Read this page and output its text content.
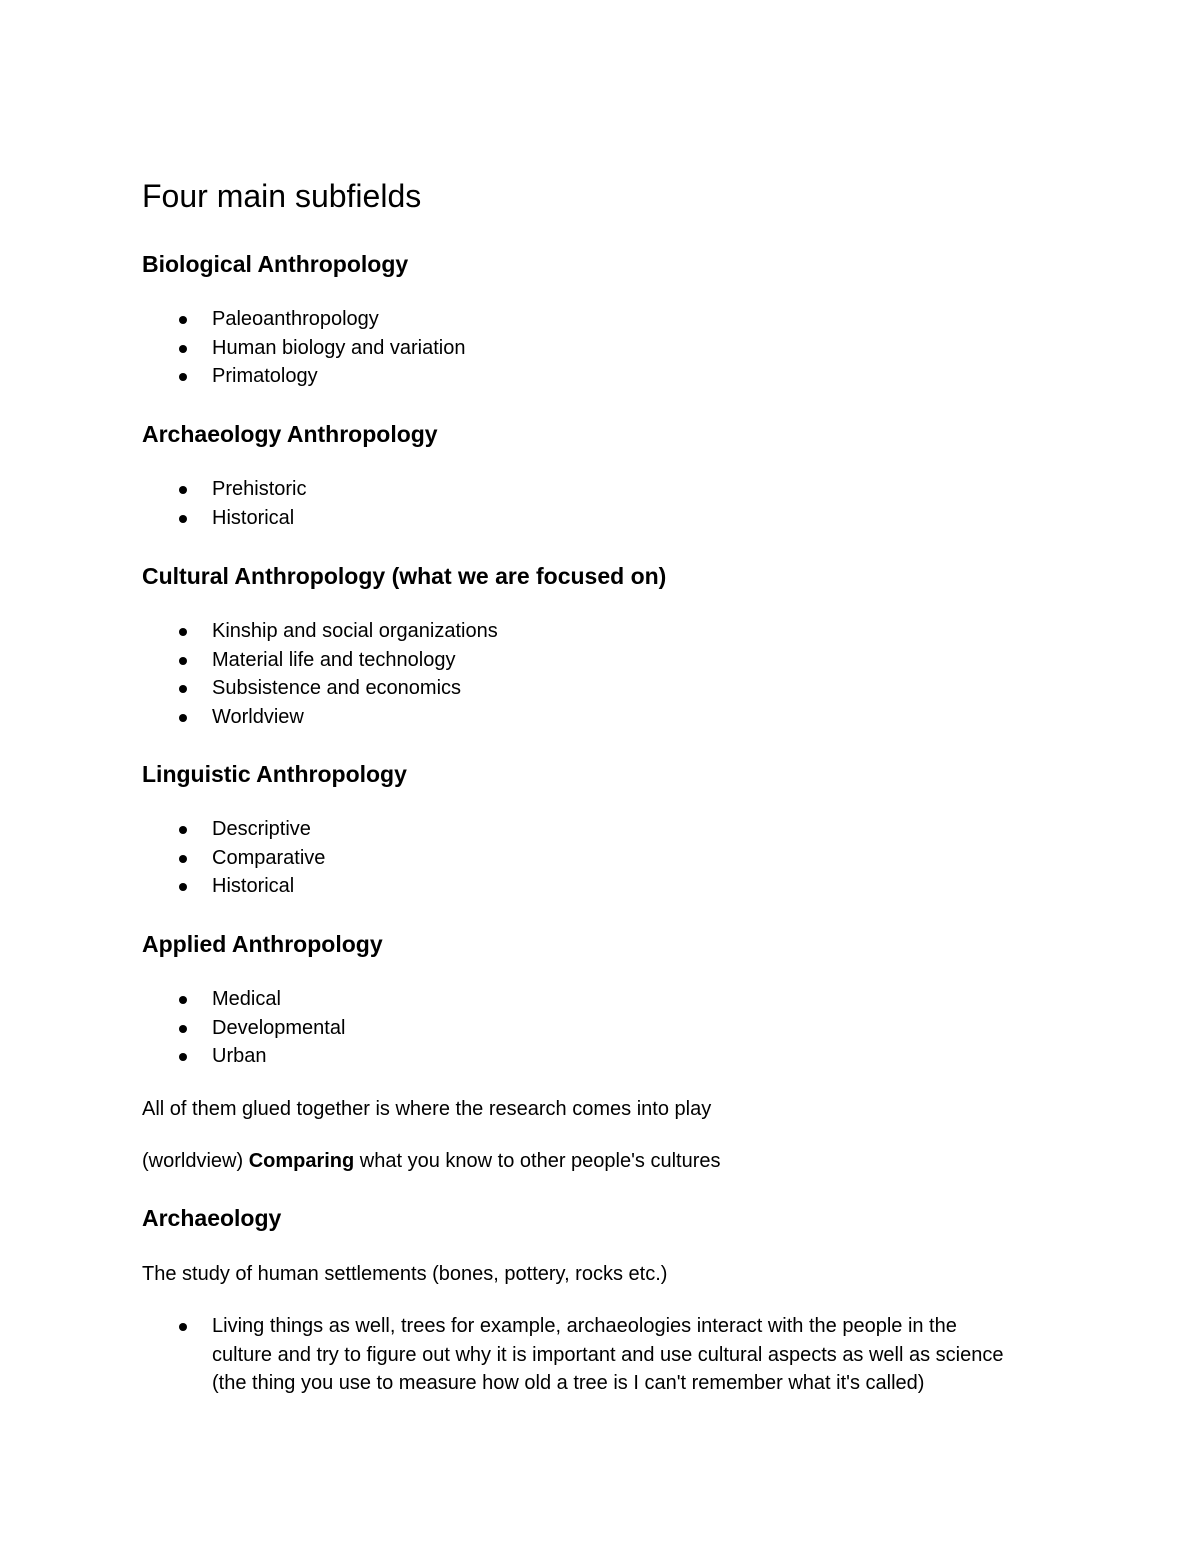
Four main subfields
Biological Anthropology
Paleoanthropology
Human biology and variation
Primatology
Archaeology Anthropology
Prehistoric
Historical
Cultural Anthropology (what we are focused on)
Kinship and social organizations
Material life and technology
Subsistence and economics
Worldview
Linguistic Anthropology
Descriptive
Comparative
Historical
Applied Anthropology
Medical
Developmental
Urban

All of them glued together is where the research comes into play

(worldview) Comparing what you know to other people's cultures

Archaeology

The study of human settlements (bones, pottery, rocks etc.)

Living things as well, trees for example, archaeologies interact with the people in the culture and try to figure out why it is important and use cultural aspects as well as science (the thing you use to measure how old a tree is I can't remember what it's called)
